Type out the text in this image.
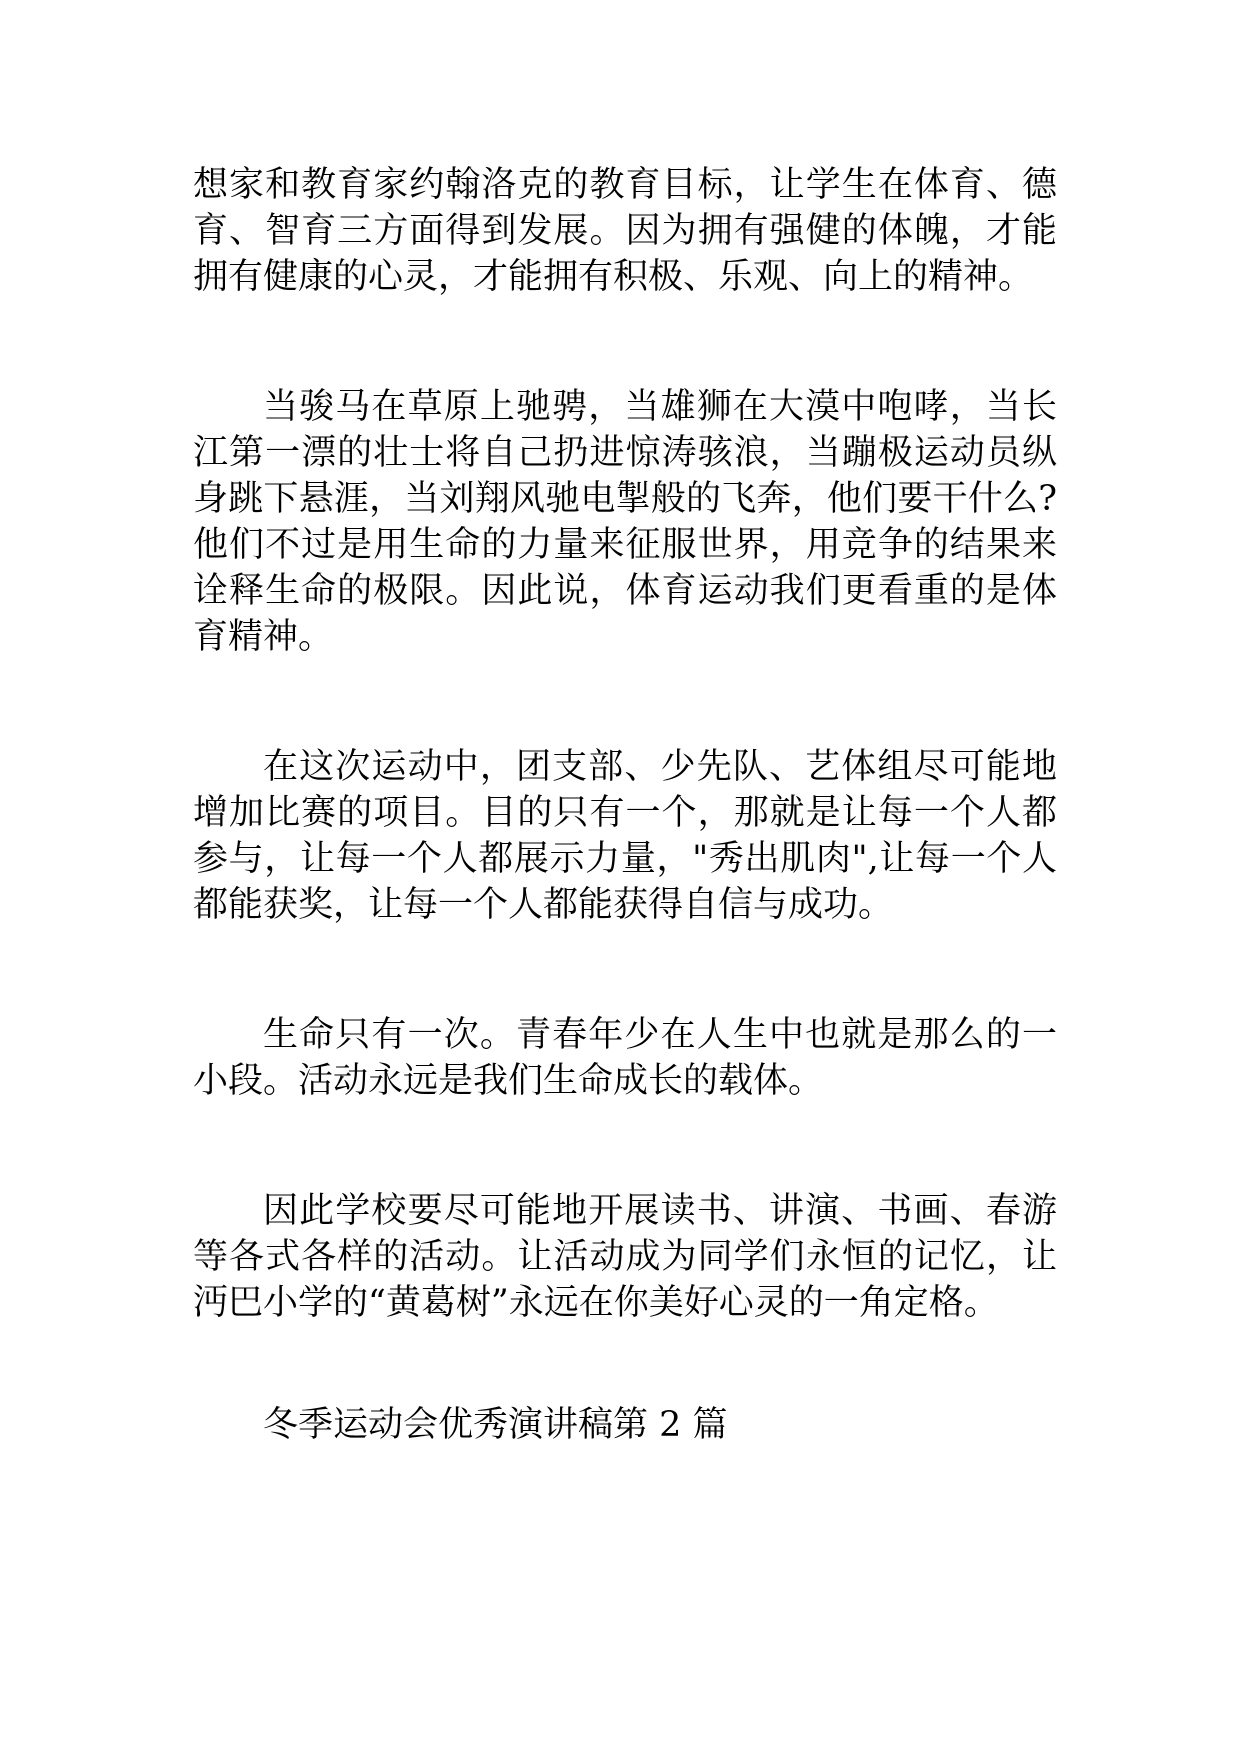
想家和教育家约翰洛克的教育目标，让学生在体育、德育、智育三方面得到发展。因为拥有强健的体魄，才能拥有健康的心灵，才能拥有积极、乐观、向上的精神。

当骏马在草原上驰骋，当雄狮在大漠中咆哮，当长江第一漂的壮士将自己扔进惊涛骇浪，当蹦极运动员纵身跳下悬涯，当刘翔风驰电掣般的飞奔，他们要干什么?他们不过是用生命的力量来征服世界，用竞争的结果来诠释生命的极限。因此说，体育运动我们更看重的是体育精神。

在这次运动中，团支部、少先队、艺体组尽可能地增加比赛的项目。目的只有一个，那就是让每一个人都参与，让每一个人都展示力量，"秀出肌肉",让每一个人都能获奖，让每一个人都能获得自信与成功。

生命只有一次。青春年少在人生中也就是那么的一小段。活动永远是我们生命成长的载体。

因此学校要尽可能地开展读书、讲演、书画、春游等各式各样的活动。让活动成为同学们永恒的记忆，让沔巴小学的“黄葛树”永远在你美好心灵的一角定格。

冬季运动会优秀演讲稿第 2 篇
